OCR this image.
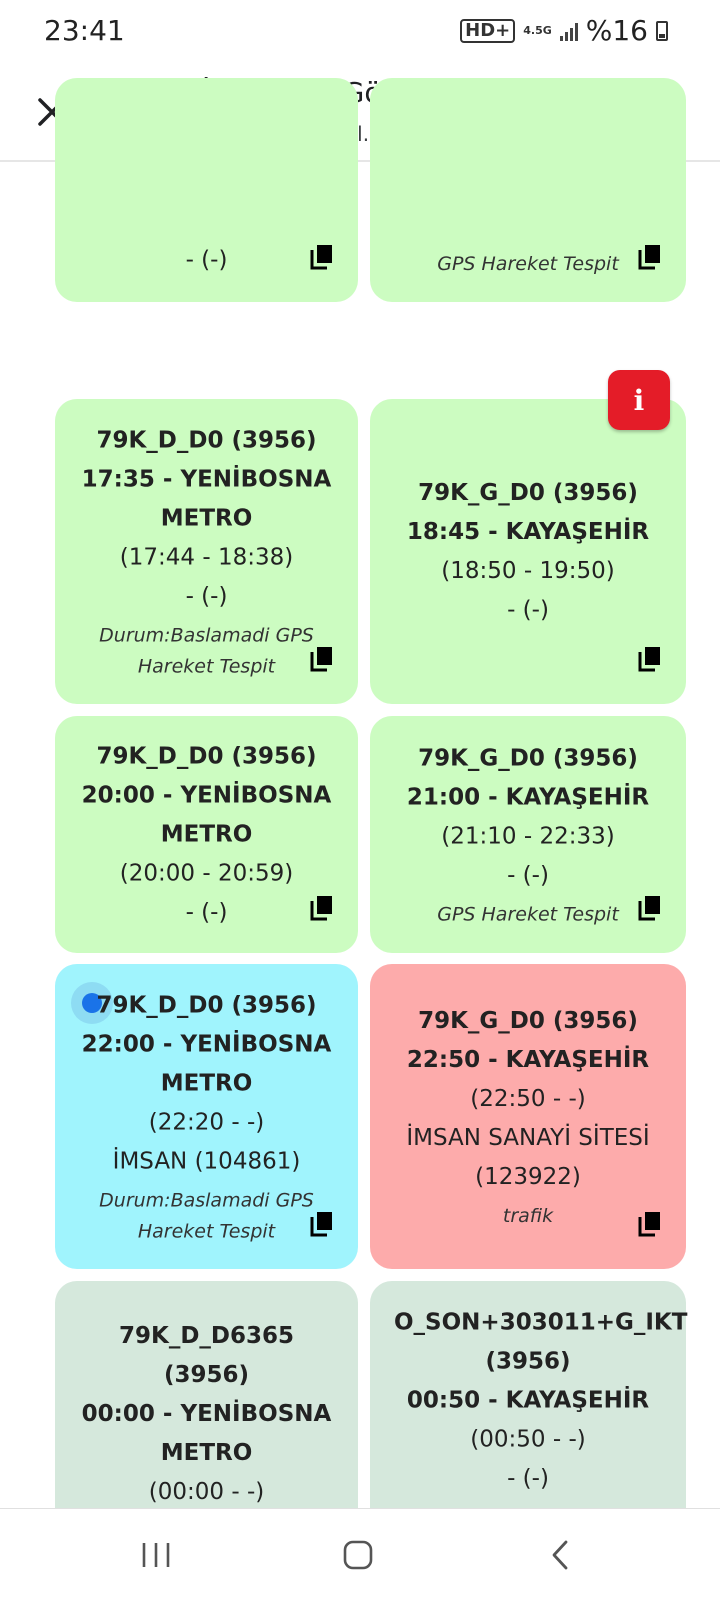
23:41	HD+	4.5G %16
- (-)	GPS Hareket Tespit
i
79K_D_D0 (3956)
17:35 - YENİBOSNA METRO
(17:44 - 18:38)
- (-)
Durum:Baslamadi GPS Hareket Tespit
79K_G_D0 (3956)
18:45 - KAYAŞEHİR
(18:50 - 19:50)
- (-)
79K_D_D0 (3956)
20:00 - YENİBOSNA METRO
(20:00 - 20:59)
- (-)
79K_G_D0 (3956)
21:00 - KAYAŞEHİR
(21:10 - 22:33)
- (-)
GPS Hareket Tespit
79K_D_D0 (3956)
22:00 - YENİBOSNA METRO
(22:20 - -)
İMSAN (104861)
Durum:Baslamadi GPS Hareket Tespit
79K_G_D0 (3956)
22:50 - KAYAŞEHİR
(22:50 - -)
İMSAN SANAYİ SİTESİ (123922)
trafik
79K_D_D6365 (3956)
00:00 - YENİBOSNA METRO
(00:00 - -)
O_SON+303011+G_IKT (3956)
00:50 - KAYAŞEHİR
(00:50 - -)
- (-)
